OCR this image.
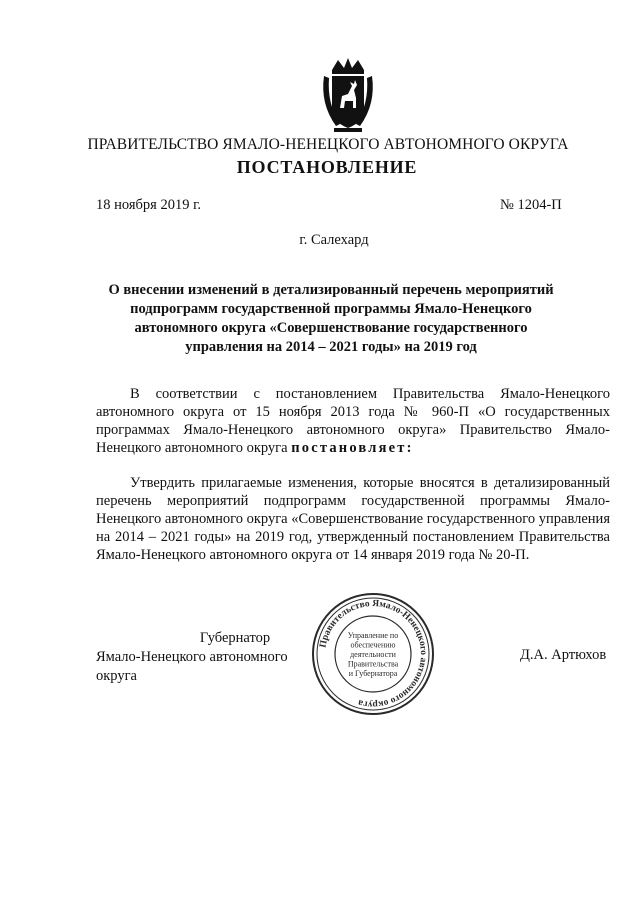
ПРАВИТЕЛЬСТВО ЯМАЛО-НЕНЕЦКОГО АВТОНОМНОГО ОКРУГА
ПОСТАНОВЛЕНИЕ
18 ноября 2019 г.	№ 1204-П
г. Салехард
О внесении изменений в детализированный перечень мероприятий подпрограмм государственной программы Ямало-Ненецкого автономного округа «Совершенствование государственного управления на 2014 – 2021 годы» на 2019 год
В соответствии с постановлением Правительства Ямало-Ненецкого автономного округа от 15 ноября 2013 года № 960-П «О государственных программах Ямало-Ненецкого автономного округа» Правительство Ямало-Ненецкого автономного округа постановляет:
Утвердить прилагаемые изменения, которые вносятся в детализированный перечень мероприятий подпрограмм государственной программы Ямало-Ненецкого автономного округа «Совершенствование государственного управления на 2014 – 2021 годы» на 2019 год, утвержденный постановлением Правительства Ямало-Ненецкого автономного округа от 14 января 2019 года № 20-П.
Губернатор
Ямало-Ненецкого автономного округа
Д.А. Артюхов
Правительство Ямало-Ненецкого автономного округа
Управление по
обеспечению
деятельности
Правительства
и Губернатора
